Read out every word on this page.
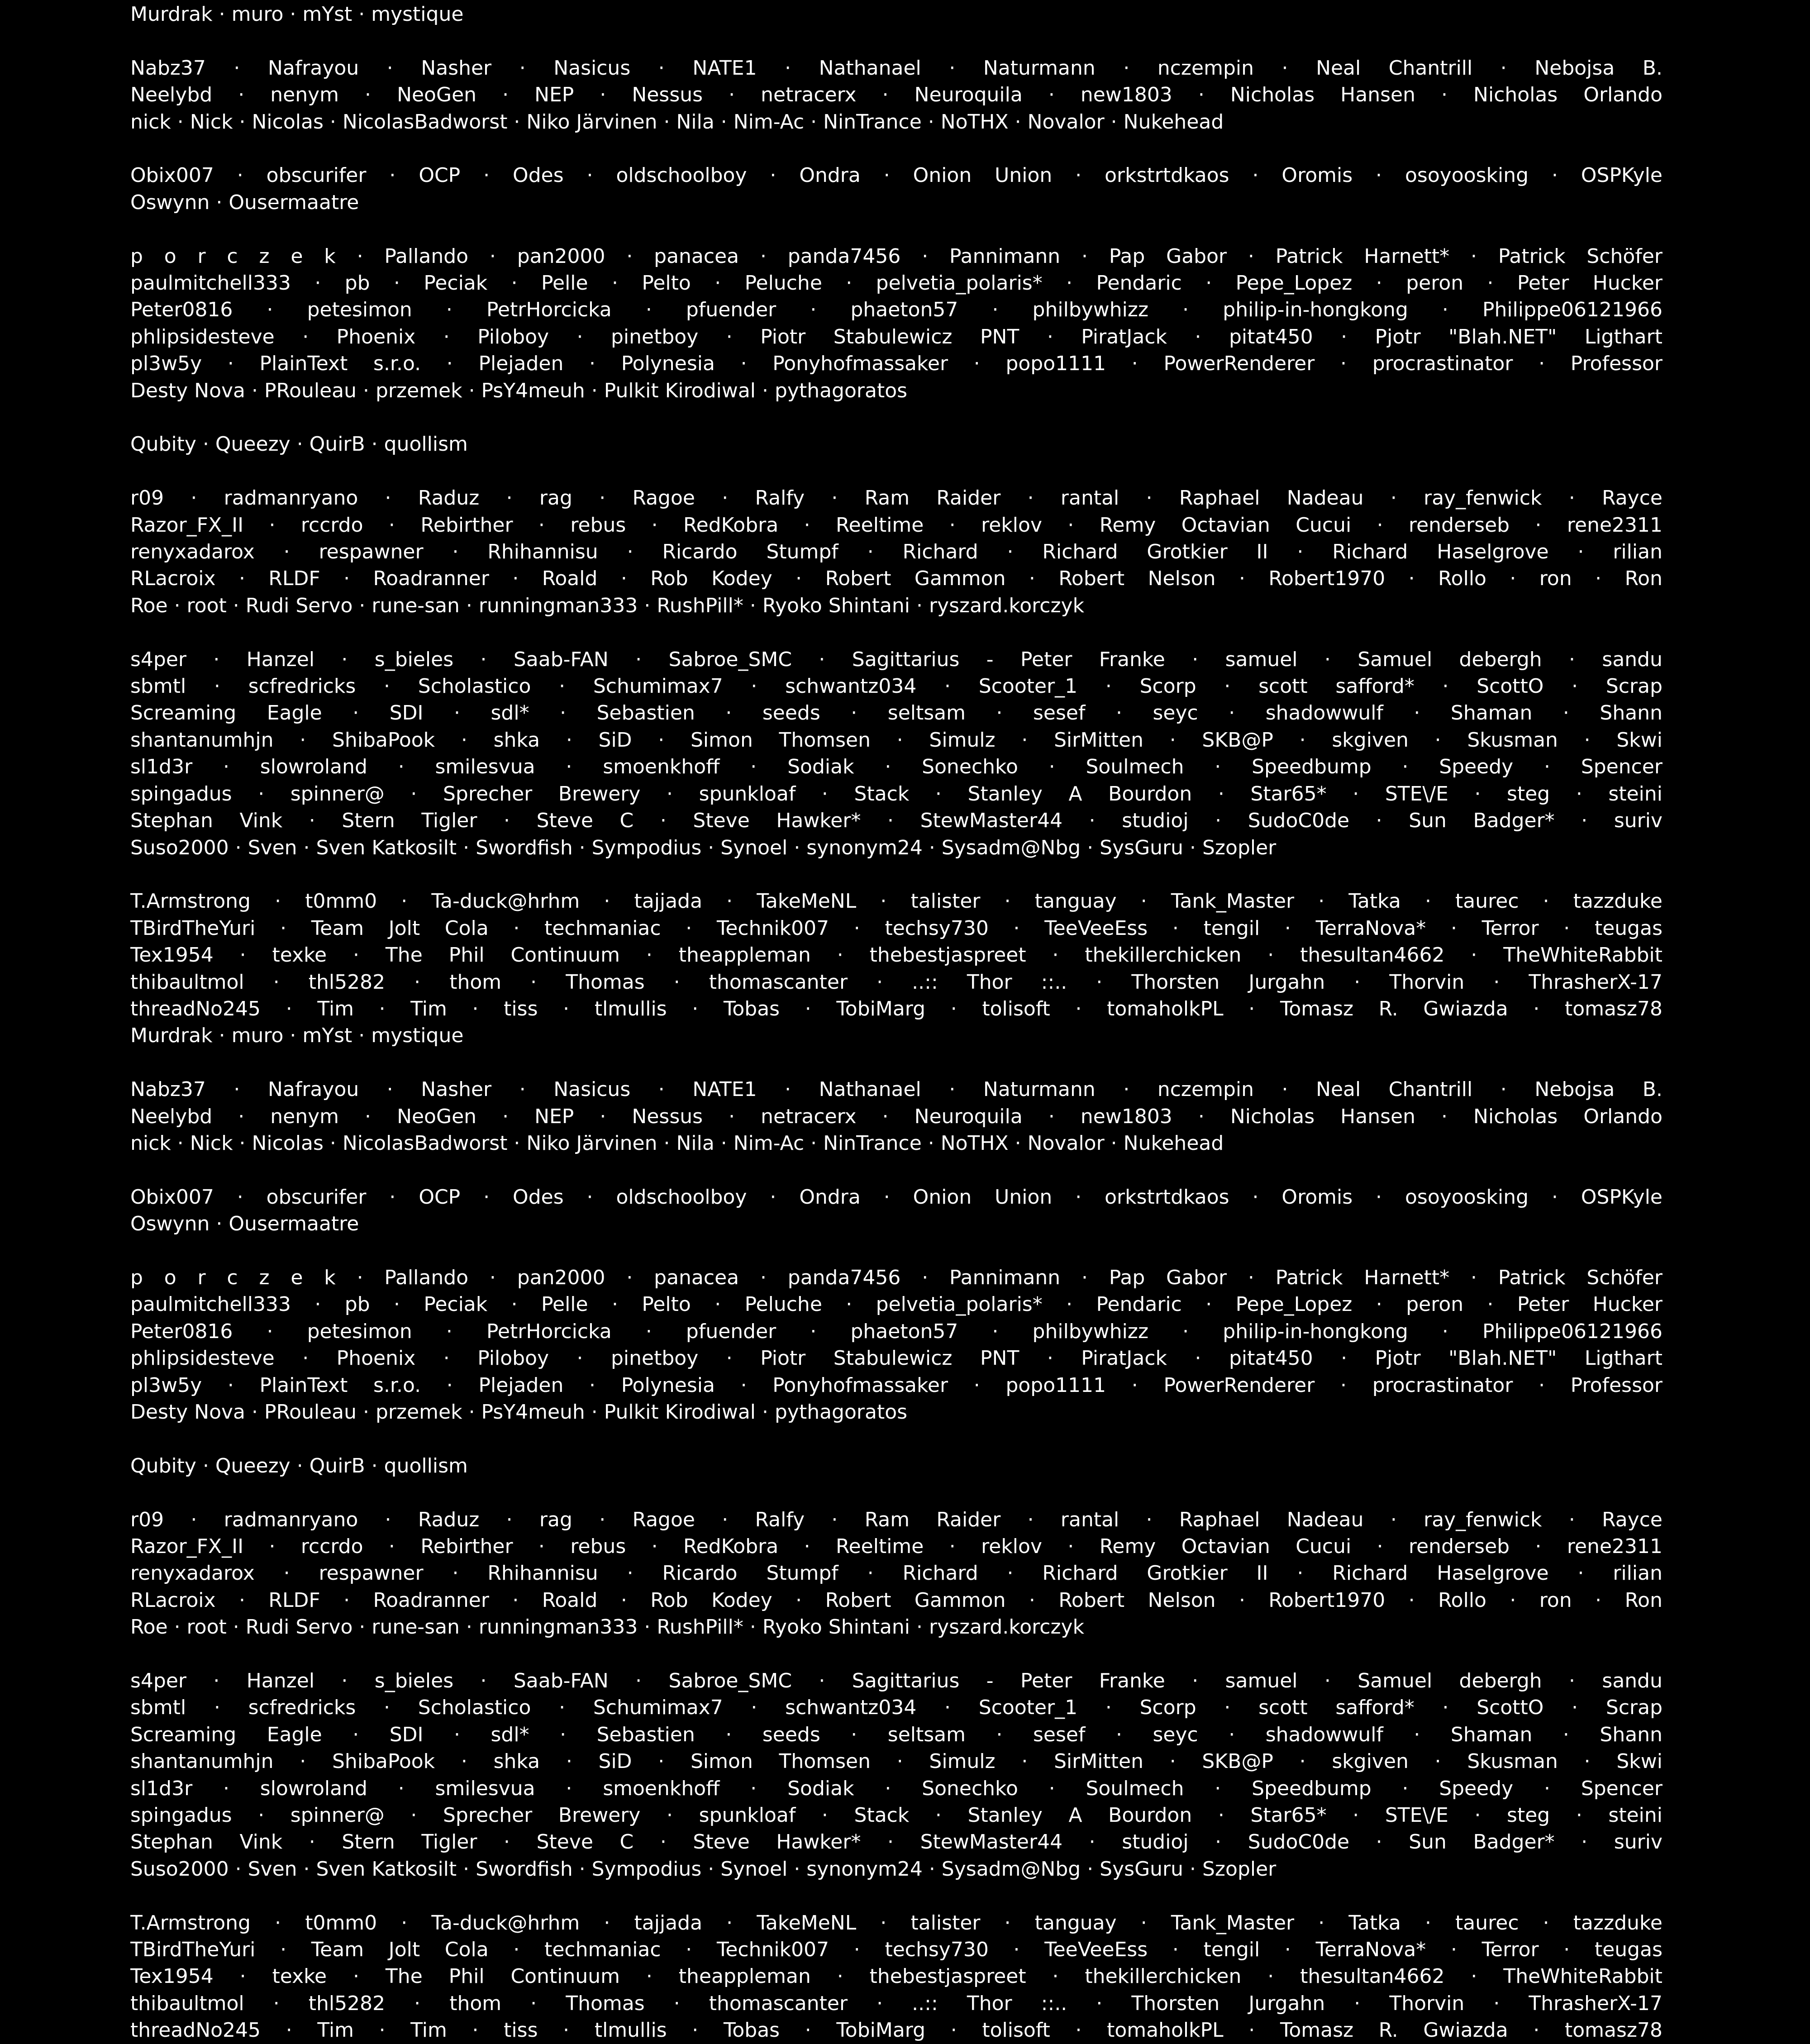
Murdrak · muro · mYst · mystique
Nabz37 · Nafrayou · Nasher · Nasicus · NATE1 · Nathanael · Naturmann · nczempin · Neal Chantrill · Nebojsa B.
Neelybd · nenym · NeoGen · NEP · Nessus · netracerx · Neuroquila · new1803 · Nicholas Hansen · Nicholas Orlando
nick · Nick · Nicolas · NicolasBadworst · Niko Järvinen · Nila · Nim-Ac · NinTrance · NoTHX · Novalor · Nukehead
Obix007 · obscurifer · OCP · Odes · oldschoolboy · Ondra · Onion Union · orkstrtdkaos · Oromis · osoyoosking · OSPKyle
Oswynn · Ousermaatre
p o r c z e k · Pallando · pan2000 · panacea · panda7456 · Pannimann · Pap Gabor · Patrick Harnett* · Patrick Schöfer
paulmitchell333 · pb · Peciak · Pelle · Pelto · Peluche · pelvetia_polaris* · Pendaric · Pepe_Lopez · peron · Peter Hucker
Peter0816 · petesimon · PetrHorcicka · pfuender · phaeton57 · philbywhizz · philip-in-hongkong · Philippe06121966
phlipsidesteve · Phoenix · Piloboy · pinetboy · Piotr Stabulewicz PNT · PiratJack · pitat450 · Pjotr "Blah.NET" Ligthart
pl3w5y · PlainText s.r.o. · Plejaden · Polynesia · Ponyhofmassaker · popo1111 · PowerRenderer · procrastinator · Professor
Desty Nova · PRouleau · przemek · PsY4meuh · Pulkit Kirodiwal · pythagoratos
Qubity · Queezy · QuirB · quollism
r09 · radmanryano · Raduz · rag · Ragoe · Ralfy · Ram Raider · rantal · Raphael Nadeau · ray_fenwick · Rayce
Razor_FX_II · rccrdo · Rebirther · rebus · RedKobra · Reeltime · reklov · Remy Octavian Cucui · renderseb · rene2311
renyxadarox · respawner · Rhihannisu · Ricardo Stumpf · Richard · Richard Grotkier II · Richard Haselgrove · rilian
RLacroix · RLDF · Roadranner · Roald · Rob Kodey · Robert Gammon · Robert Nelson · Robert1970 · Rollo · ron · Ron
Roe · root · Rudi Servo · rune-san · runningman333 · RushPill* · Ryoko Shintani · ryszard.korczyk
s4per · Hanzel · s_bieles · Saab-FAN · Sabroe_SMC · Sagittarius - Peter Franke · samuel · Samuel debergh · sandu
sbmtl · scfredricks · Scholastico · Schumimax7 · schwantz034 · Scooter_1 · Scorp · scott safford* · ScottO · Scrap
Screaming Eagle · SDI · sdl* · Sebastien · seeds · seltsam · sesef · seyc · shadowwulf · Shaman · Shann
shantanumhjn · ShibaPook · shka · SiD · Simon Thomsen · Simulz · SirMitten · SKB@P · skgiven · Skusman · Skwi
sl1d3r · slowroland · smilesvua · smoenkhoff · Sodiak · Sonechko · Soulmech · Speedbump · Speedy · Spencer
spingadus · spinner@ · Sprecher Brewery · spunkloaf · Stack · Stanley A Bourdon · Star65* · STE\/E · steg · steini
Stephan Vink · Stern Tigler · Steve C · Steve Hawker* · StewMaster44 · studioj · SudoC0de · Sun Badger* · suriv
Suso2000 · Sven · Sven Katkosilt · Swordfish · Sympodius · Synoel · synonym24 · Sysadm@Nbg · SysGuru · Szopler
T.Armstrong · t0mm0 · Ta-duck@hrhm · tajjada · TakeMeNL · talister · tanguay · Tank_Master · Tatka · taurec · tazzduke
TBirdTheYuri · Team Jolt Cola · techmaniac · Technik007 · techsy730 · TeeVeeEss · tengil · TerraNova* · Terror · teugas
Tex1954 · texke · The Phil Continuum · theappleman · thebestjaspreet · thekillerchicken · thesultan4662 · TheWhiteRabbit
thibaultmol · thl5282 · thom · Thomas · thomascanter · ..:: Thor ::.. · Thorsten Jurgahn · Thorvin · ThrasherX-17
threadNo245 · Tim · Tim · tiss · tlmullis · Tobas · TobiMarg · tolisoft · tomaholkPL · Tomasz R. Gwiazda · tomasz78
Murdrak · muro · mYst · mystique
Nabz37 · Nafrayou · Nasher · Nasicus · NATE1 · Nathanael · Naturmann · nczempin · Neal Chantrill · Nebojsa B.
Neelybd · nenym · NeoGen · NEP · Nessus · netracerx · Neuroquila · new1803 · Nicholas Hansen · Nicholas Orlando
nick · Nick · Nicolas · NicolasBadworst · Niko Järvinen · Nila · Nim-Ac · NinTrance · NoTHX · Novalor · Nukehead
Obix007 · obscurifer · OCP · Odes · oldschoolboy · Ondra · Onion Union · orkstrtdkaos · Oromis · osoyoosking · OSPKyle
Oswynn · Ousermaatre
p o r c z e k · Pallando · pan2000 · panacea · panda7456 · Pannimann · Pap Gabor · Patrick Harnett* · Patrick Schöfer
paulmitchell333 · pb · Peciak · Pelle · Pelto · Peluche · pelvetia_polaris* · Pendaric · Pepe_Lopez · peron · Peter Hucker
Peter0816 · petesimon · PetrHorcicka · pfuender · phaeton57 · philbywhizz · philip-in-hongkong · Philippe06121966
phlipsidesteve · Phoenix · Piloboy · pinetboy · Piotr Stabulewicz PNT · PiratJack · pitat450 · Pjotr "Blah.NET" Ligthart
pl3w5y · PlainText s.r.o. · Plejaden · Polynesia · Ponyhofmassaker · popo1111 · PowerRenderer · procrastinator · Professor
Desty Nova · PRouleau · przemek · PsY4meuh · Pulkit Kirodiwal · pythagoratos
Qubity · Queezy · QuirB · quollism
r09 · radmanryano · Raduz · rag · Ragoe · Ralfy · Ram Raider · rantal · Raphael Nadeau · ray_fenwick · Rayce
Razor_FX_II · rccrdo · Rebirther · rebus · RedKobra · Reeltime · reklov · Remy Octavian Cucui · renderseb · rene2311
renyxadarox · respawner · Rhihannisu · Ricardo Stumpf · Richard · Richard Grotkier II · Richard Haselgrove · rilian
RLacroix · RLDF · Roadranner · Roald · Rob Kodey · Robert Gammon · Robert Nelson · Robert1970 · Rollo · ron · Ron
Roe · root · Rudi Servo · rune-san · runningman333 · RushPill* · Ryoko Shintani · ryszard.korczyk
s4per · Hanzel · s_bieles · Saab-FAN · Sabroe_SMC · Sagittarius - Peter Franke · samuel · Samuel debergh · sandu
sbmtl · scfredricks · Scholastico · Schumimax7 · schwantz034 · Scooter_1 · Scorp · scott safford* · ScottO · Scrap
Screaming Eagle · SDI · sdl* · Sebastien · seeds · seltsam · sesef · seyc · shadowwulf · Shaman · Shann
shantanumhjn · ShibaPook · shka · SiD · Simon Thomsen · Simulz · SirMitten · SKB@P · skgiven · Skusman · Skwi
sl1d3r · slowroland · smilesvua · smoenkhoff · Sodiak · Sonechko · Soulmech · Speedbump · Speedy · Spencer
spingadus · spinner@ · Sprecher Brewery · spunkloaf · Stack · Stanley A Bourdon · Star65* · STE\/E · steg · steini
Stephan Vink · Stern Tigler · Steve C · Steve Hawker* · StewMaster44 · studioj · SudoC0de · Sun Badger* · suriv
Suso2000 · Sven · Sven Katkosilt · Swordfish · Sympodius · Synoel · synonym24 · Sysadm@Nbg · SysGuru · Szopler
T.Armstrong · t0mm0 · Ta-duck@hrhm · tajjada · TakeMeNL · talister · tanguay · Tank_Master · Tatka · taurec · tazzduke
TBirdTheYuri · Team Jolt Cola · techmaniac · Technik007 · techsy730 · TeeVeeEss · tengil · TerraNova* · Terror · teugas
Tex1954 · texke · The Phil Continuum · theappleman · thebestjaspreet · thekillerchicken · thesultan4662 · TheWhiteRabbit
thibaultmol · thl5282 · thom · Thomas · thomascanter · ..:: Thor ::.. · Thorsten Jurgahn · Thorvin · ThrasherX-17
threadNo245 · Tim · Tim · tiss · tlmullis · Tobas · TobiMarg · tolisoft · tomaholkPL · Tomasz R. Gwiazda · tomasz78
